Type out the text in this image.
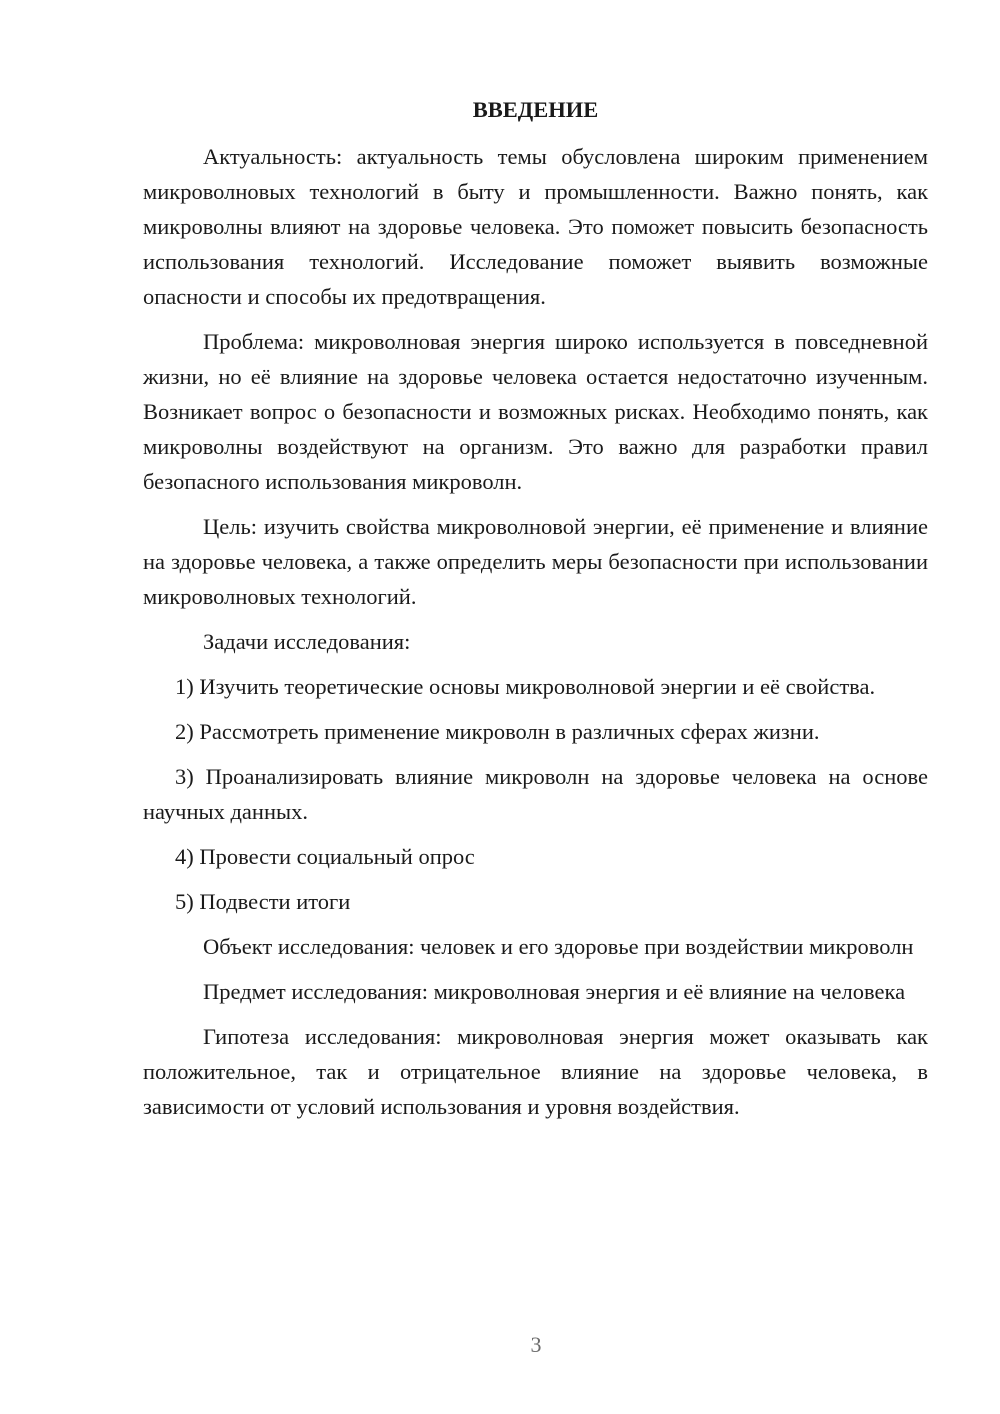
ВВЕДЕНИЕ

Актуальность: актуальность темы обусловлена широким применением микроволновых технологий в быту и промышленности. Важно понять, как микроволны влияют на здоровье человека. Это поможет повысить безопасность использования технологий. Исследование поможет выявить возможные опасности и способы их предотвращения.

Проблема: микроволновая энергия широко используется в повседневной жизни, но её влияние на здоровье человека остается недостаточно изученным. Возникает вопрос о безопасности и возможных рисках. Необходимо понять, как микроволны воздействуют на организм. Это важно для разработки правил безопасного использования микроволн.

Цель: изучить свойства микроволновой энергии, её применение и влияние на здоровье человека, а также определить меры безопасности при использовании микроволновых технологий.

Задачи исследования:

1) Изучить теоретические основы микроволновой энергии и её свойства.

2) Рассмотреть применение микроволн в различных сферах жизни.

3) Проанализировать влияние микроволн на здоровье человека на основе научных данных.

4) Провести социальный опрос

5) Подвести итоги

Объект исследования: человек и его здоровье при воздействии микроволн

Предмет исследования: микроволновая энергия и её влияние на человека

Гипотеза исследования: микроволновая энергия может оказывать как положительное, так и отрицательное влияние на здоровье человека, в зависимости от условий использования и уровня воздействия.

3
